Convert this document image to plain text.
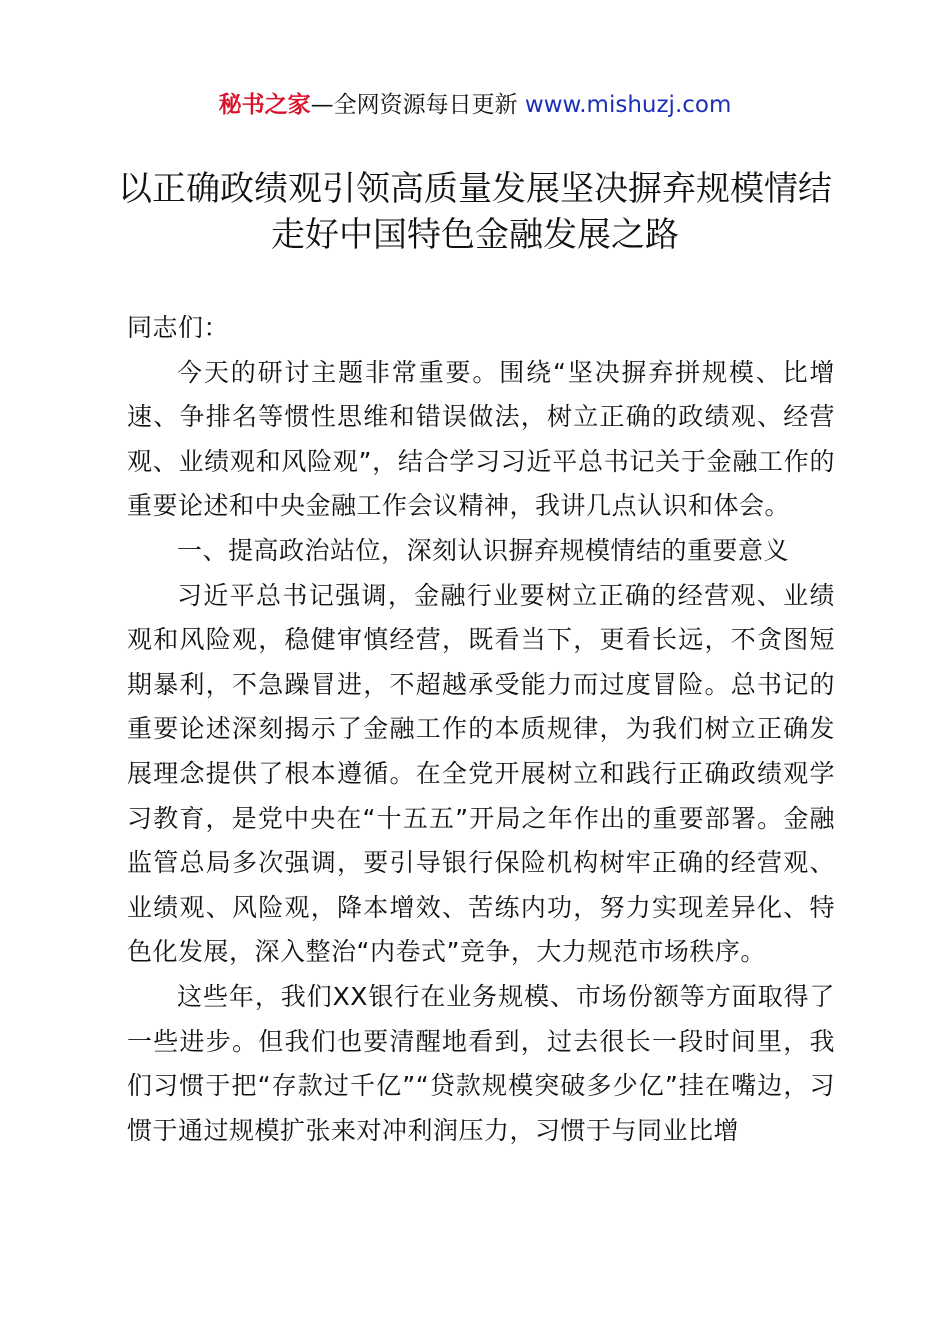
秘书之家—全网资源每日更新 www.mishuzj.com
以正确政绩观引领高质量发展坚决摒弃规模情结走好中国特色金融发展之路

同志们：

今天的研讨主题非常重要。围绕“坚决摒弃拼规模、比增速、争排名等惯性思维和错误做法，树立正确的政绩观、经营观、业绩观和风险观”，结合学习习近平总书记关于金融工作的重要论述和中央金融工作会议精神，我讲几点认识和体会。

一、提高政治站位，深刻认识摒弃规模情结的重要意义

习近平总书记强调，金融行业要树立正确的经营观、业绩观和风险观，稳健审慎经营，既看当下，更看长远，不贪图短期暴利，不急躁冒进，不超越承受能力而过度冒险。总书记的重要论述深刻揭示了金融工作的本质规律，为我们树立正确发展理念提供了根本遵循。在全党开展树立和践行正确政绩观学习教育，是党中央在“十五五”开局之年作出的重要部署。金融监管总局多次强调，要引导银行保险机构树牢正确的经营观、业绩观、风险观，降本增效、苦练内功，努力实现差异化、特色化发展，深入整治“内卷式”竞争，大力规范市场秩序。

这些年，我们XX银行在业务规模、市场份额等方面取得了一些进步。但我们也要清醒地看到，过去很长一段时间里，我们习惯于把“存款过千亿”“贷款规模突破多少亿”挂在嘴边，习惯于通过规模扩张来对冲利润压力，习惯于与同业比增
